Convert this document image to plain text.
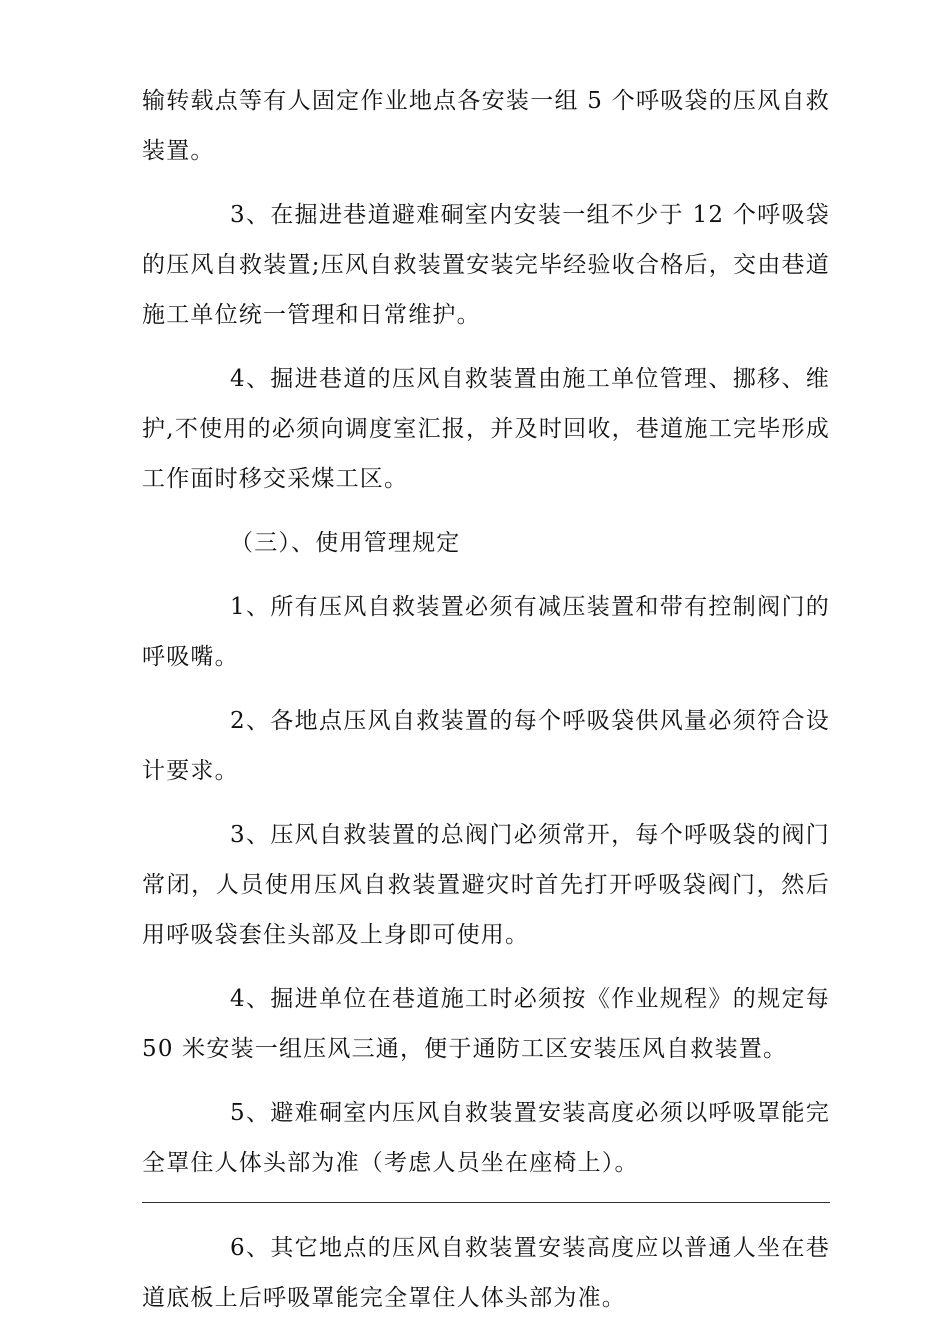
输转载点等有人固定作业地点各安装一组 5 个呼吸袋的压风自救装置。

3、在掘进巷道避难硐室内安装一组不少于 12 个呼吸袋的压风自救装置;压风自救装置安装完毕经验收合格后，交由巷道施工单位统一管理和日常维护。

4、掘进巷道的压风自救装置由施工单位管理、挪移、维护,不使用的必须向调度室汇报，并及时回收，巷道施工完毕形成工作面时移交采煤工区。

（三）、使用管理规定

1、所有压风自救装置必须有减压装置和带有控制阀门的呼吸嘴。

2、各地点压风自救装置的每个呼吸袋供风量必须符合设计要求。

3、压风自救装置的总阀门必须常开，每个呼吸袋的阀门常闭，人员使用压风自救装置避灾时首先打开呼吸袋阀门，然后用呼吸袋套住头部及上身即可使用。

4、掘进单位在巷道施工时必须按《作业规程》的规定每 50 米安装一组压风三通，便于通防工区安装压风自救装置。

5、避难硐室内压风自救装置安装高度必须以呼吸罩能完全罩住人体头部为准（考虑人员坐在座椅上）。

6、其它地点的压风自救装置安装高度应以普通人坐在巷道底板上后呼吸罩能完全罩住人体头部为准。
